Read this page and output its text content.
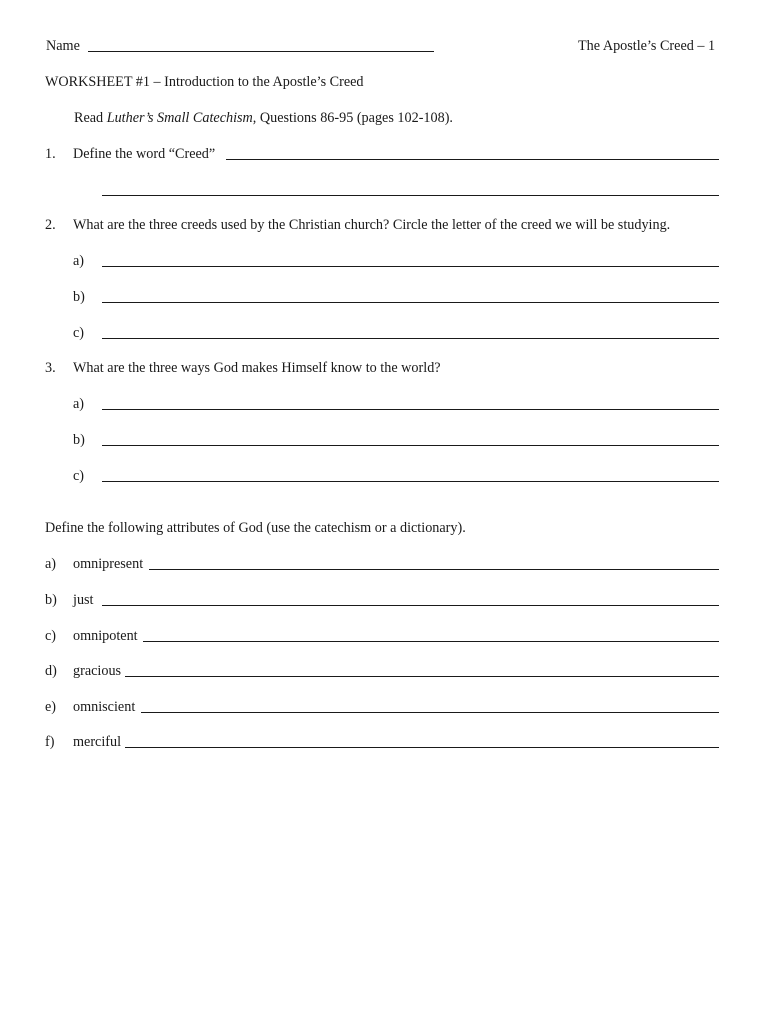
Name	The Apostle’s Creed – 1
WORKSHEET #1 – Introduction to the Apostle’s Creed
Read Luther’s Small Catechism, Questions 86-95 (pages 102-108).
1. Define the word “Creed”
2. What are the three creeds used by the Christian church? Circle the letter of the creed we will be studying.
a)
b)
c)
3. What are the three ways God makes Himself know to the world?
a)
b)
c)
Define the following attributes of God (use the catechism or a dictionary).
a) omnipresent
b) just
c) omnipotent
d) gracious
e) omniscient
f) merciful
